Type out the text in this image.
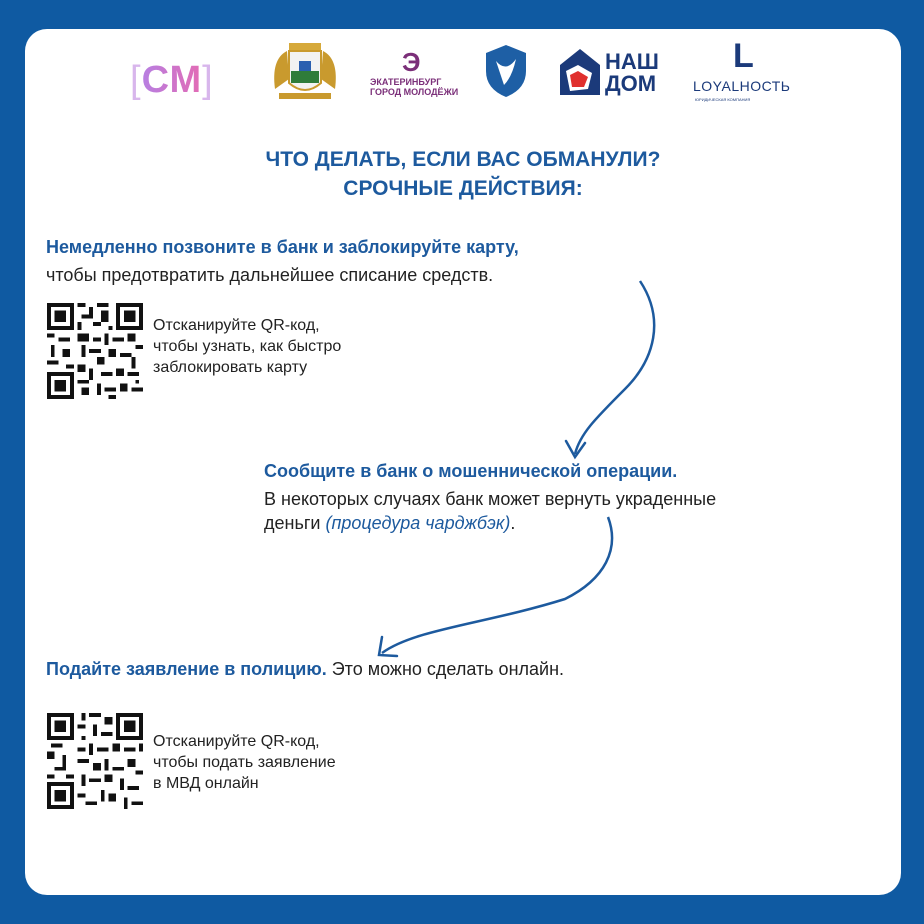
[СМ]	Э
ЭКАТЕРИНБУРГ
ГОРОД МОЛОДЁЖИ
НАШ
ДОМ
L
LOYALНОСТЬ
ЮРИДИЧЕСКАЯ КОМПАНИЯ
ЧТО ДЕЛАТЬ, ЕСЛИ ВАС ОБМАНУЛИ?
СРОЧНЫЕ ДЕЙСТВИЯ:
Немедленно позвоните в банк и заблокируйте карту,
чтобы предотвратить дальнейшее списание средств.
Отсканируйте QR-код,
чтобы узнать, как быстро
заблокировать карту
Сообщите в банк о мошеннической операции.
В некоторых случаях банк может вернуть украденные
деньги (процедура чарджбэк).
Подайте заявление в полицию. Это можно сделать онлайн.
Отсканируйте QR-код,
чтобы подать заявление
в МВД онлайн
